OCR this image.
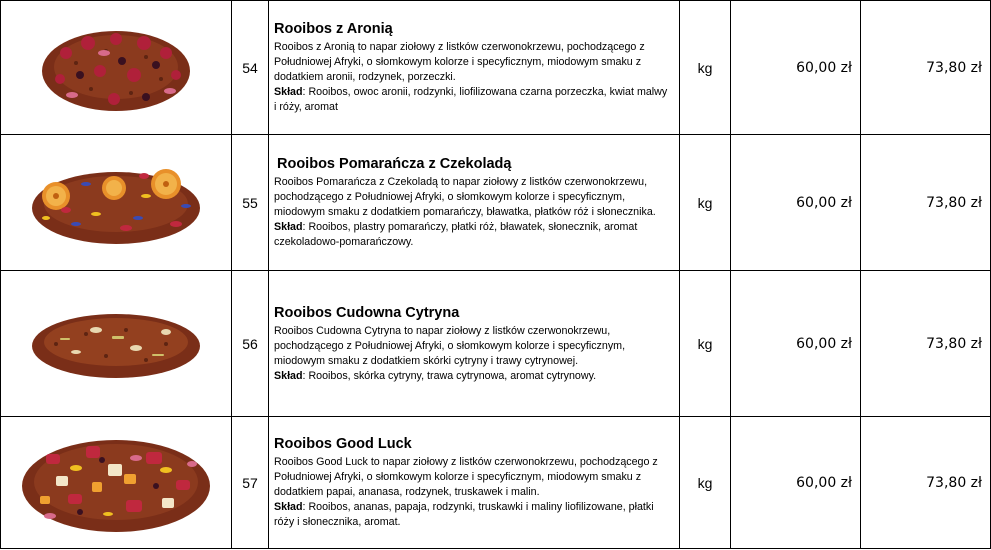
	54	Rooibos z Aronią
Rooibos z Aronią to napar ziołowy z listków czerwonokrzewu, pochodzącego z Południowej Afryki, o słomkowym kolorze i specyficznym, miodowym smaku z dodatkiem aronii, rodzynek, porzeczki.
Skład: Rooibos, owoc aronii, rodzynki, liofilizowana czarna porzeczka, kwiat malwy i róży, aromat	kg	60,00 zł	73,80 zł

	55	Rooibos Pomarańcza z Czekoladą
Rooibos Pomarańcza z Czekoladą to napar ziołowy z listków czerwonokrzewu, pochodzącego z Południowej Afryki, o słomkowym kolorze i specyficznym, miodowym smaku z dodatkiem pomarańczy, bławatka, płatków róż i słonecznika.
Skład: Rooibos, plastry pomarańczy, płatki róż, bławatek, słonecznik, aromat czekoladowo-pomarańczowy.	kg	60,00 zł	73,80 zł

	56	Rooibos Cudowna Cytryna
Rooibos Cudowna Cytryna to napar ziołowy z listków czerwonokrzewu, pochodzącego z Południowej Afryki, o słomkowym kolorze i specyficznym, miodowym smaku z dodatkiem skórki cytryny i trawy cytrynowej.
Skład: Rooibos, skórka cytryny, trawa cytrynowa, aromat cytrynowy.	kg	60,00 zł	73,80 zł

	57	Rooibos Good Luck
Rooibos Good Luck to napar ziołowy z listków czerwonokrzewu, pochodzącego z Południowej Afryki, o słomkowym kolorze i specyficznym, miodowym smaku z dodatkiem papai, ananasa, rodzynek, truskawek i malin.
Skład: Rooibos, ananas, papaja, rodzynki, truskawki i maliny liofilizowane, płatki róży i słonecznika, aromat.	kg	60,00 zł	73,80 zł
